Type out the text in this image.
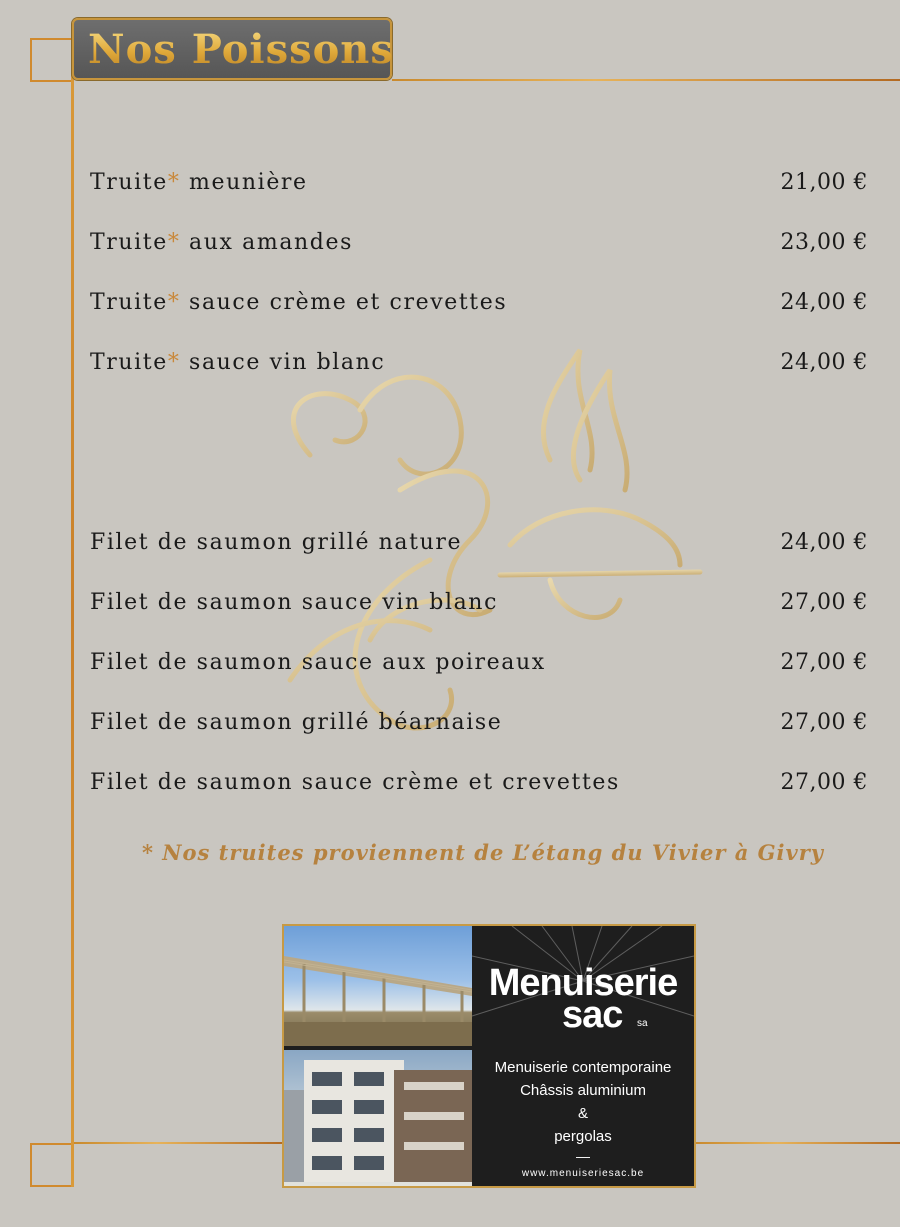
Nos Poissons
Truite* meunière	21,00 €
Truite* aux amandes	23,00 €
Truite* sauce crème et crevettes	24,00 €
Truite* sauce vin blanc	24,00 €
Filet de saumon grillé nature	24,00 €
Filet de saumon sauce vin blanc	27,00 €
Filet de saumon sauce aux poireaux	27,00 €
Filet de saumon grillé béarnaise	27,00 €
Filet de saumon sauce crème et crevettes	27,00 €
* Nos truites proviennent de L’étang du Vivier à Givry
Menuiserie
sac sa
Menuiserie contemporaine
Châssis aluminium
&
pergolas
—
www.menuiseriesac.be
